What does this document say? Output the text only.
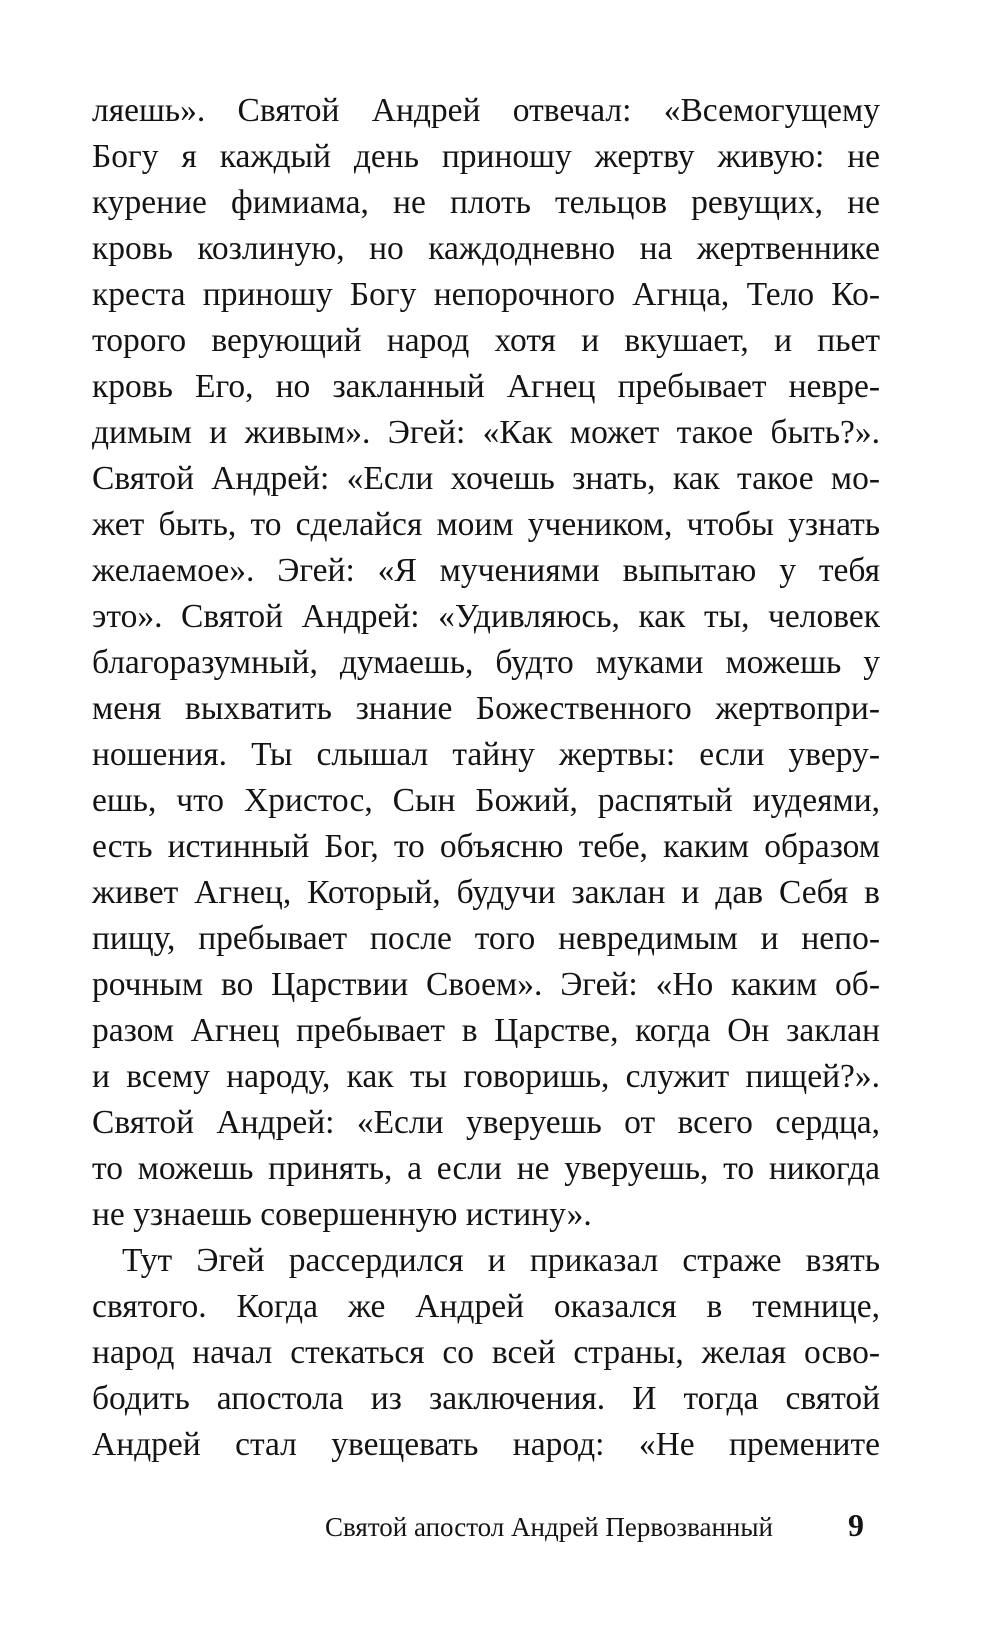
ляешь». Святой Андрей отвечал: «Всемогущему
Богу я каждый день приношу жертву живую: не
курение фимиама, не плоть тельцов ревущих, не
кровь козлиную, но каждодневно на жертвеннике
креста приношу Богу непорочного Агнца, Тело Ко-
торого верующий народ хотя и вкушает, и пьет
кровь Его, но закланный Агнец пребывает невре-
димым и живым». Эгей: «Как может такое быть?».
Святой Андрей: «Если хочешь знать, как такое мо-
жет быть, то сделайся моим учеником, чтобы узнать
желаемое». Эгей: «Я мучениями выпытаю у тебя
это». Святой Андрей: «Удивляюсь, как ты, человек
благоразумный, думаешь, будто муками можешь у
меня выхватить знание Божественного жертвопри-
ношения. Ты слышал тайну жертвы: если уверу-
ешь, что Христос, Сын Божий, распятый иудеями,
есть истинный Бог, то объясню тебе, каким образом
живет Агнец, Который, будучи заклан и дав Себя в
пищу, пребывает после того невредимым и непо-
рочным во Царствии Своем». Эгей: «Но каким об-
разом Агнец пребывает в Царстве, когда Он заклан
и всему народу, как ты говоришь, служит пищей?».
Святой Андрей: «Если уверуешь от всего сердца,
то можешь принять, а если не уверуешь, то никогда
не узнаешь совершенную истину».
Тут Эгей рассердился и приказал страже взять
святого. Когда же Андрей оказался в темнице,
народ начал стекаться со всей страны, желая осво-
бодить апостола из заключения. И тогда святой
Андрей стал увещевать народ: «Не премените
Святой апостол Андрей Первозванный 9
